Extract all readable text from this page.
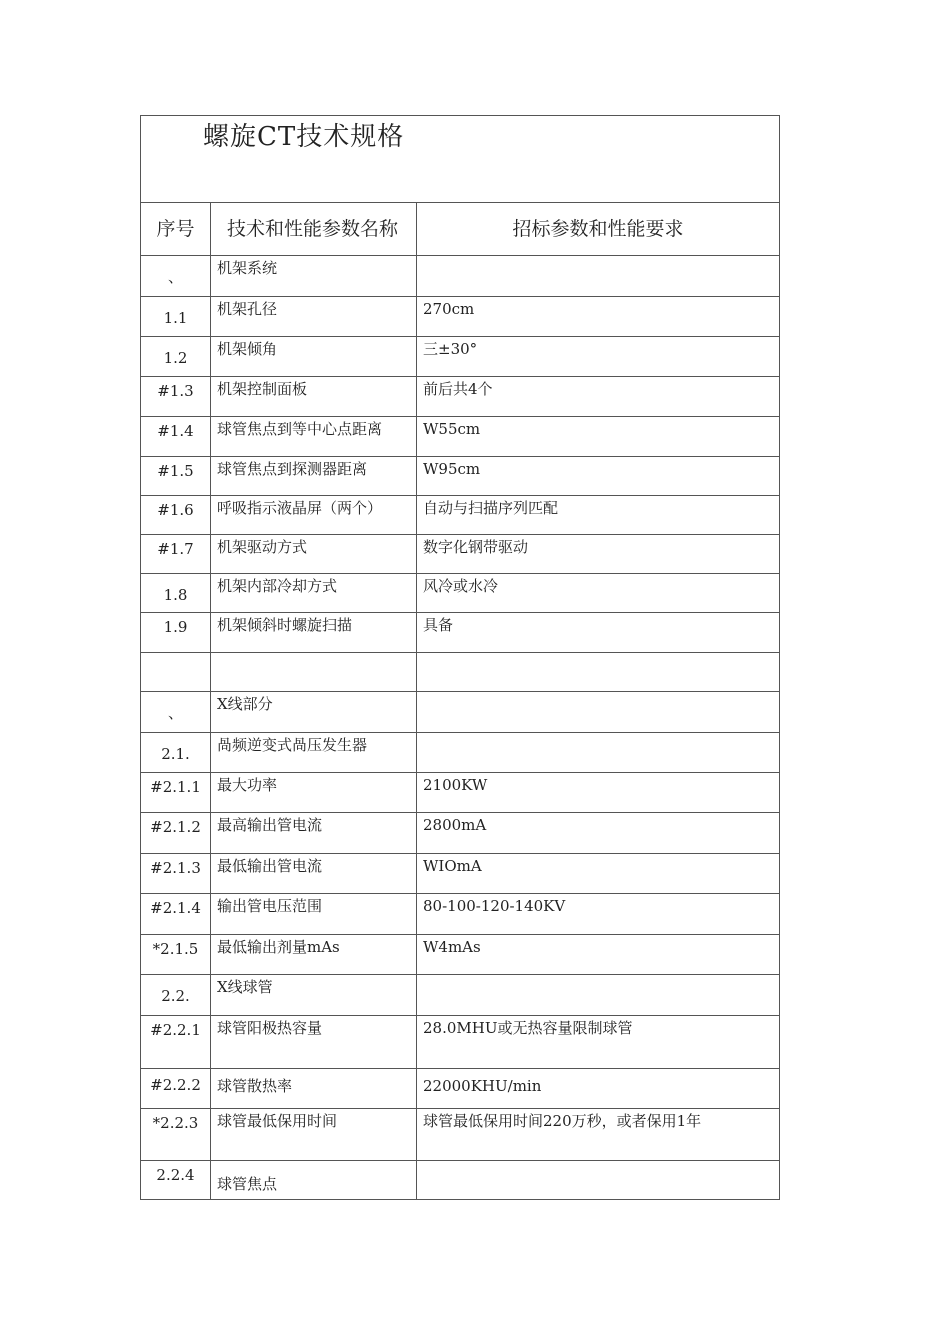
螺旋CT技术规格		

序号	技术和性能参数名称	招标参数和性能要求

、	机架系统	

1.1	机架孔径	270cm

1.2	机架倾角	三±30°

#1.3	机架控制面板	前后共4个

#1.4	球管焦点到等中心点距离	W55cm

#1.5	球管焦点到探测器距离	W95cm

#1.6	呼吸指示液晶屏（两个）	自动与扫描序列匹配

#1.7	机架驱动方式	数字化钢带驱动

1.8	机架内部冷却方式	风冷或水冷

1.9	机架倾斜时螺旋扫描	具备

、	X线部分	

2.1.	咼频逆变式咼压发生器	

#2.1.1	最大功率	2100KW

#2.1.2	最高输出管电流	2800mA

#2.1.3	最低输出管电流	WIOmA

#2.1.4	输出管电压范围	80-100-120-140KV

*2.1.5	最低输出剂量mAs	W4mAs

2.2.	X线球管	

#2.2.1	球管阳极热容量	28.0MHU或无热容量限制球管

#2.2.2	球管散热率	22000KHU/min

*2.2.3	球管最低保用时间	球管最低保用时间220万秒，或者保用1年

2.2.4	球管焦点	
